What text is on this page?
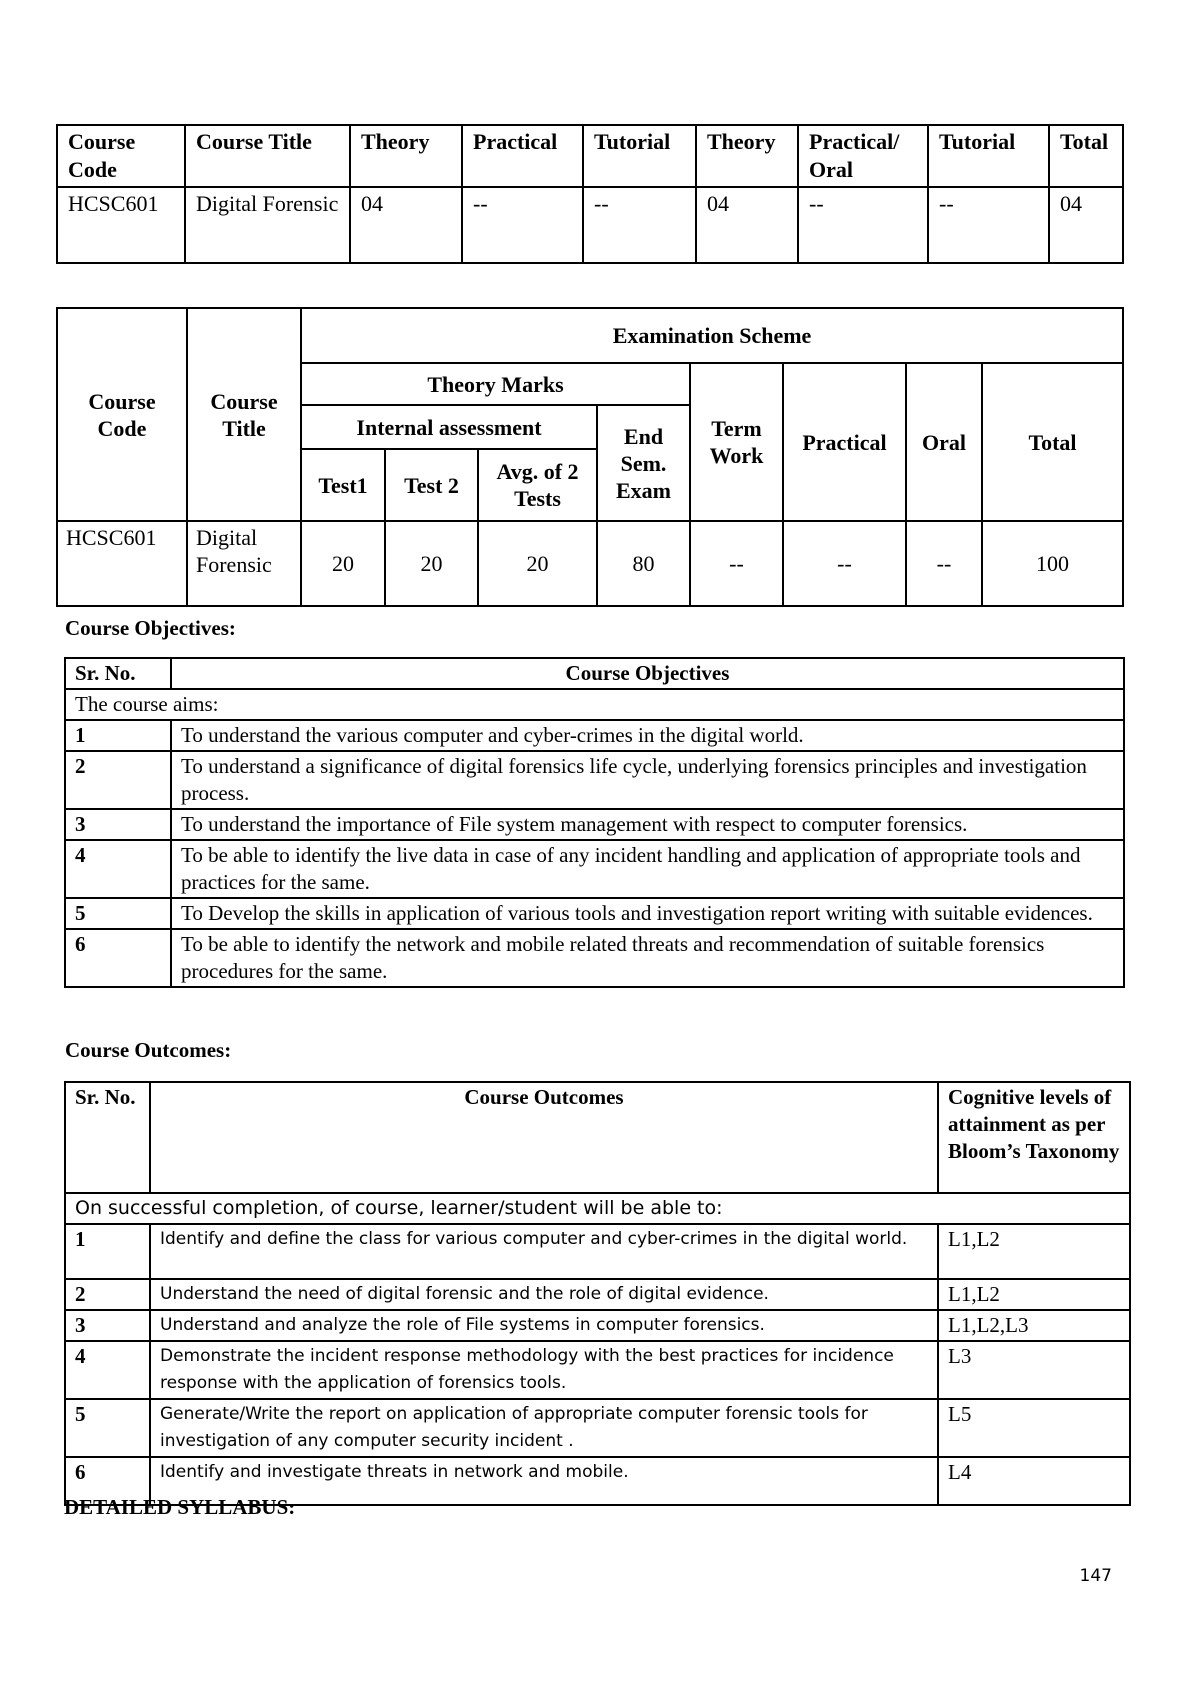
Course Code	Course Title	Theory	Practical	Tutorial	Theory	Practical/ Oral	Tutorial	Total
HCSC601	Digital Forensic	04	--	--	04	--	--	04
Course Code	Course Title	Examination Scheme							
		Theory Marks				Term Work	Practical	Oral	Total
		Internal assessment			End Sem. Exam				
		Test1	Test 2	Avg. of 2 Tests					
HCSC601	Digital Forensic	20	20	20	80	--	--	--	100
Course Objectives:
Sr. No.	Course Objectives
The course aims:	
1	To understand the various computer and cyber-crimes in the digital world.
2	To understand a significance of digital forensics life cycle, underlying forensics principles and investigation process.
3	To understand the importance of File system management with respect to computer forensics.
4	To be able to identify the live data in case of any incident handling and application of appropriate tools and practices for the same.
5	To Develop the skills in application of various tools and investigation report writing with suitable evidences.
6	To be able to identify the network and mobile related threats and recommendation of suitable forensics procedures for the same.
Course Outcomes:
Sr. No.	Course Outcomes	Cognitive levels of attainment as per Bloom’s Taxonomy
On successful completion, of course, learner/student will be able to:		
1	Identify and define the class for various computer and cyber-crimes in the digital world.	L1,L2
2	Understand the need of digital forensic and the role of digital evidence.	L1,L2
3	Understand and analyze the role of File systems in computer forensics.	L1,L2,L3
4	Demonstrate the incident response methodology with the best practices for incidence response with the application of forensics tools.	L3
5	Generate/Write the report on application of appropriate computer forensic tools for investigation of any computer security incident .	L5
6	Identify and investigate threats in network and mobile.	L4
DETAILED SYLLABUS:
147
